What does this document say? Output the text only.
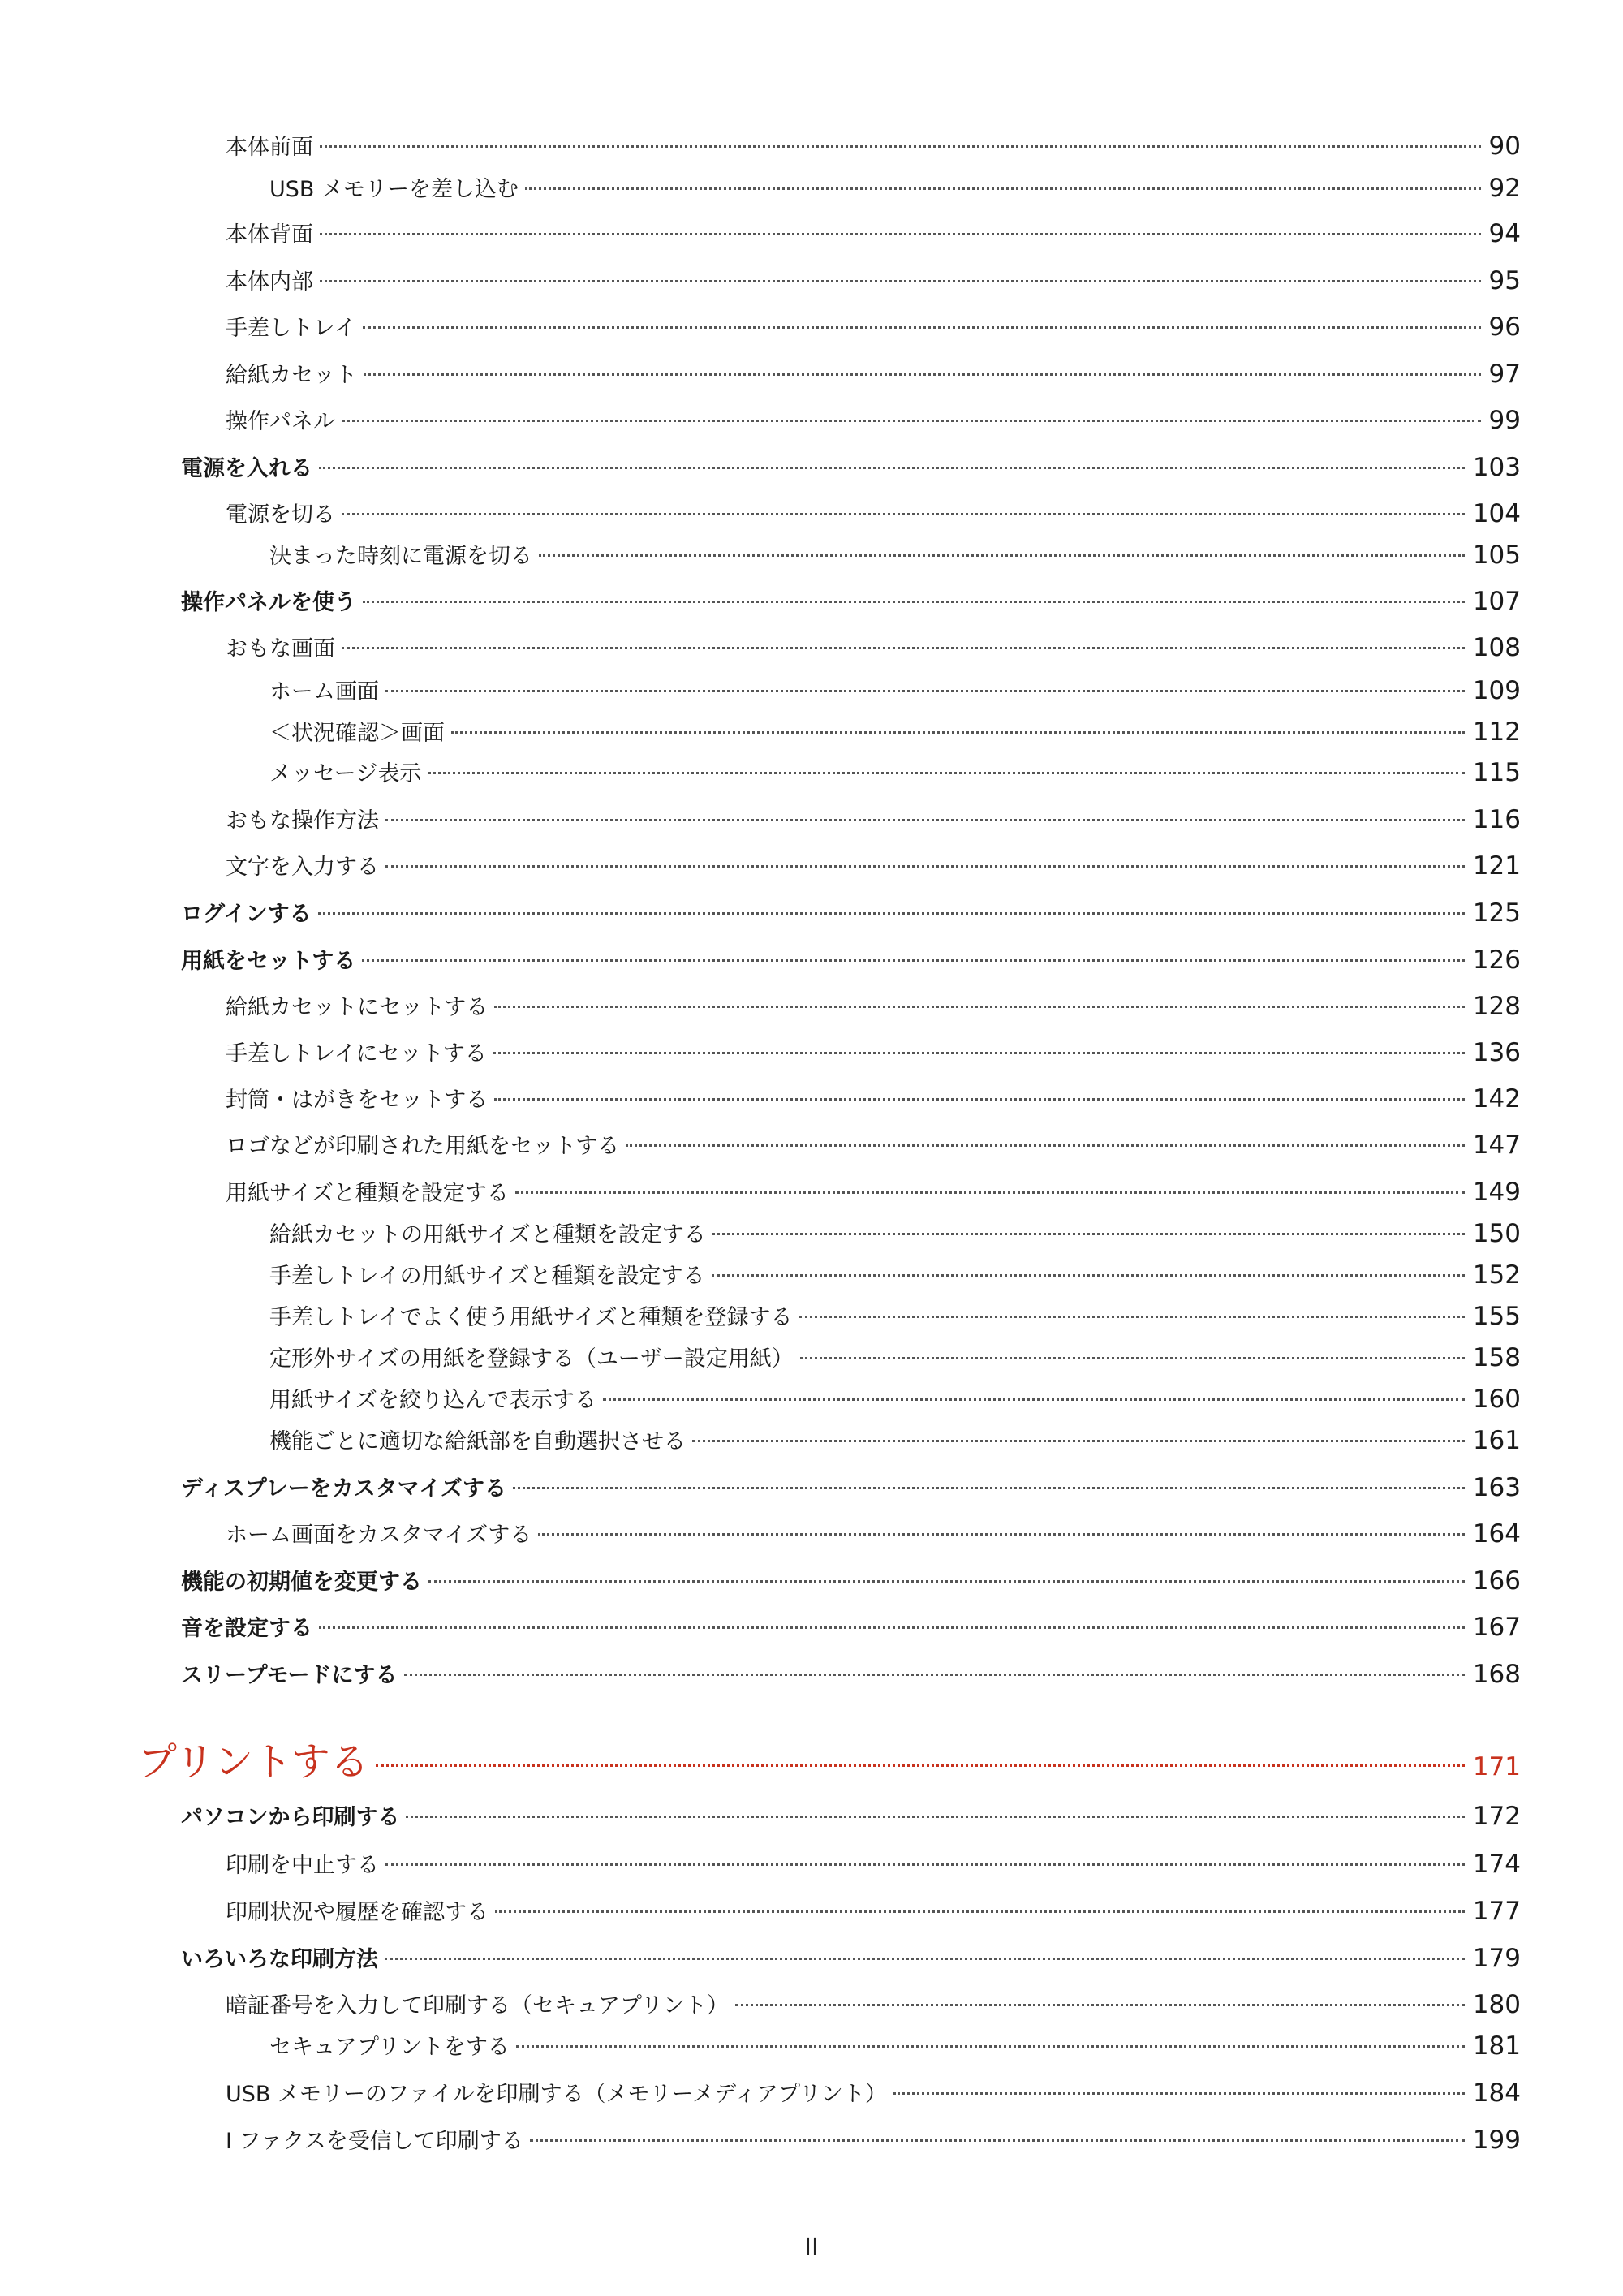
本体前面	90
USB メモリーを差し込む	92
本体背面	94
本体内部	95
手差しトレイ	96
給紙カセット	97
操作パネル	99
電源を入れる	103
電源を切る	104
決まった時刻に電源を切る	105
操作パネルを使う	107
おもな画面	108
ホーム画面	109
＜状況確認＞画面	112
メッセージ表示	115
おもな操作方法	116
文字を入力する	121
ログインする	125
用紙をセットする	126
給紙カセットにセットする	128
手差しトレイにセットする	136
封筒・はがきをセットする	142
ロゴなどが印刷された用紙をセットする	147
用紙サイズと種類を設定する	149
給紙カセットの用紙サイズと種類を設定する	150
手差しトレイの用紙サイズと種類を設定する	152
手差しトレイでよく使う用紙サイズと種類を登録する	155
定形外サイズの用紙を登録する（ユーザー設定用紙）	158
用紙サイズを絞り込んで表示する	160
機能ごとに適切な給紙部を自動選択させる	161
ディスプレーをカスタマイズする	163
ホーム画面をカスタマイズする	164
機能の初期値を変更する	166
音を設定する	167
スリープモードにする	168
プリントする	171
パソコンから印刷する	172
印刷を中止する	174
印刷状況や履歴を確認する	177
いろいろな印刷方法	179
暗証番号を入力して印刷する（セキュアプリント）	180
セキュアプリントをする	181
USB メモリーのファイルを印刷する（メモリーメディアプリント）	184
I ファクスを受信して印刷する	199
II
